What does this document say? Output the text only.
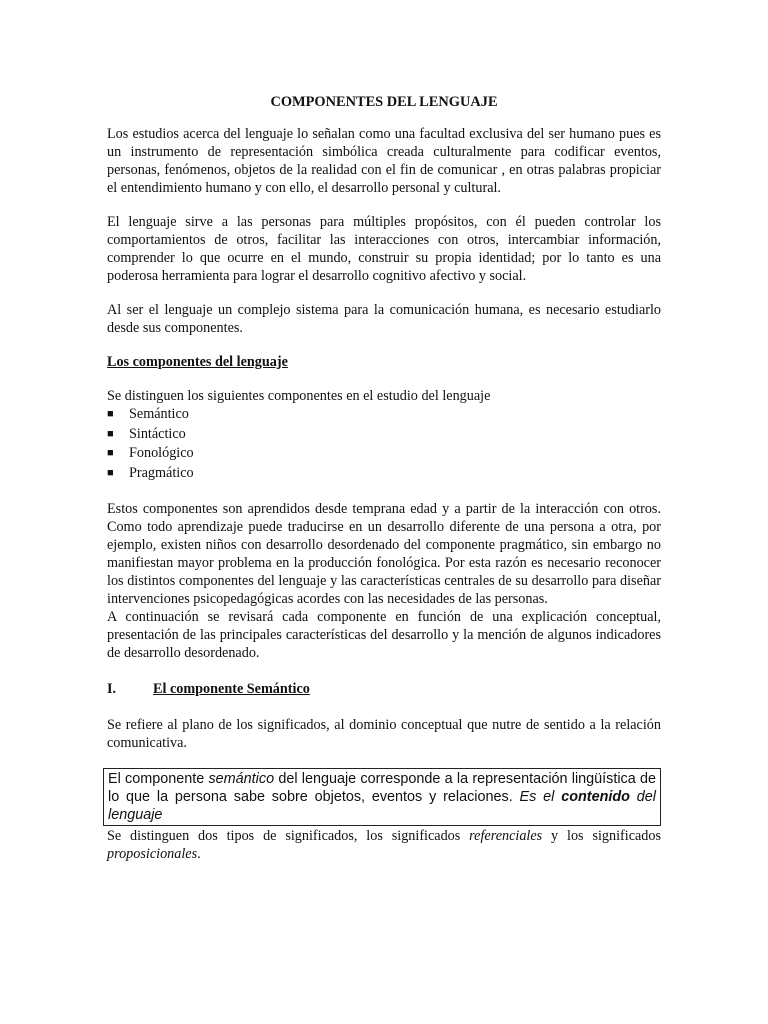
COMPONENTES DEL LENGUAJE

Los estudios acerca del lenguaje lo señalan como una facultad exclusiva del ser humano pues es un instrumento de representación simbólica creada culturalmente para codificar eventos, personas, fenómenos, objetos de la realidad con el fin de comunicar , en otras palabras propiciar el entendimiento humano y con ello, el desarrollo personal y cultural.

El lenguaje sirve a las personas para múltiples propósitos, con él pueden controlar los comportamientos de otros, facilitar las interacciones con otros, intercambiar información, comprender lo que ocurre en el mundo, construir su propia identidad; por lo tanto es una poderosa herramienta para lograr el desarrollo cognitivo afectivo y social.

Al ser el lenguaje un complejo sistema para la comunicación humana, es necesario estudiarlo desde sus componentes.

Los componentes del lenguaje

Se distinguen los siguientes componentes en el estudio del lenguaje

■ Semántico
■ Sintáctico
■ Fonológico
■ Pragmático

Estos componentes son aprendidos desde temprana edad y a partir de la interacción con otros. Como todo aprendizaje puede traducirse en un desarrollo diferente de una persona a otra, por ejemplo, existen niños con desarrollo desordenado del componente pragmático, sin embargo no manifiestan mayor problema en la producción fonológica. Por esta razón es necesario reconocer los distintos componentes del lenguaje y las características centrales de su desarrollo para diseñar intervenciones psicopedagógicas acordes con las necesidades de las personas.

A continuación se revisará cada componente en función de una explicación conceptual, presentación de las principales características del desarrollo y la mención de algunos indicadores de desarrollo desordenado.

I.	El componente Semántico

Se refiere al plano de los significados, al dominio conceptual que nutre de sentido a la relación comunicativa.

El componente semántico del lenguaje corresponde a la representación lingüística de lo que la persona sabe sobre objetos, eventos y relaciones. Es el contenido del lenguaje

Se distinguen dos tipos de significados, los significados referenciales y los significados proposicionales.
